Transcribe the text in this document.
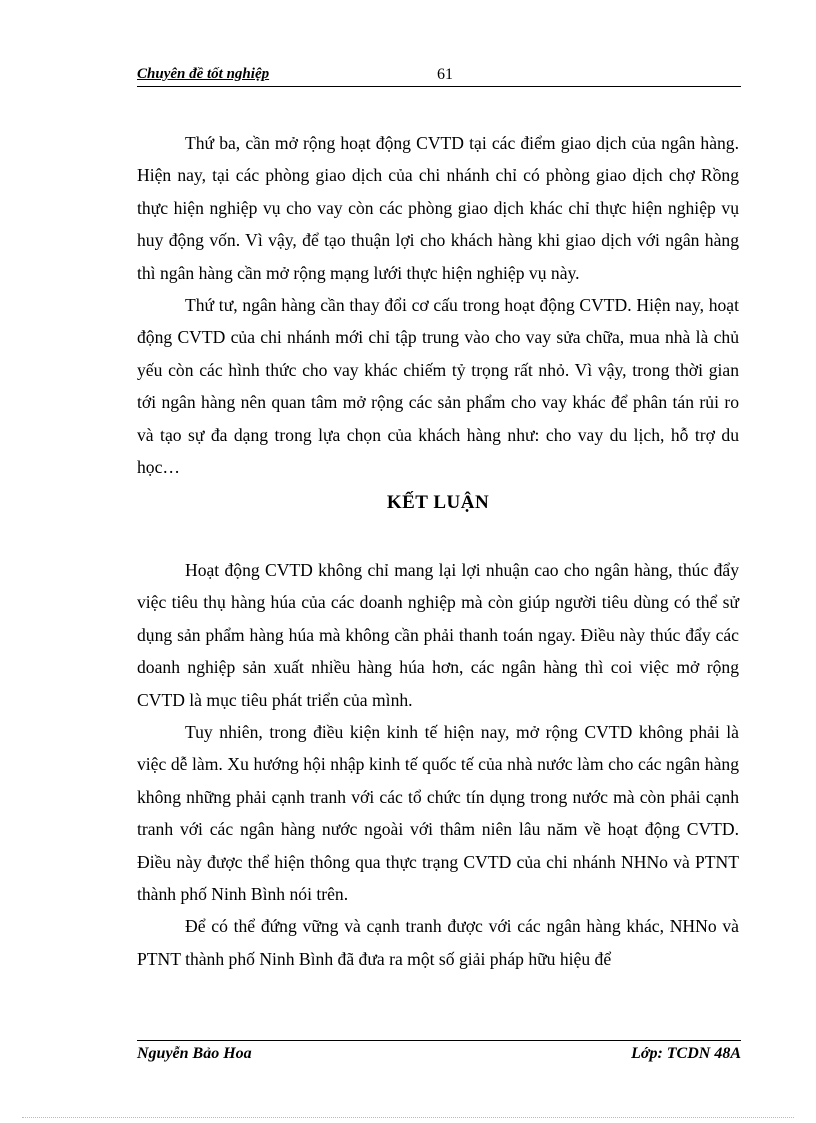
Chuyên đề tốt nghiệp	61

Thứ ba, cần mở rộng hoạt động CVTD tại các điểm giao dịch của ngân hàng. Hiện nay, tại các phòng giao dịch của chi nhánh chỉ có phòng giao dịch chợ Rồng thực hiện nghiệp vụ cho vay còn các phòng giao dịch khác chỉ thực hiện nghiệp vụ huy động vốn. Vì vậy, để tạo thuận lợi cho khách hàng khi giao dịch với ngân hàng thì ngân hàng cần mở rộng mạng lưới thực hiện nghiệp vụ này.

Thứ tư, ngân hàng cần thay đổi cơ cấu trong hoạt động CVTD. Hiện nay, hoạt động CVTD của chi nhánh mới chỉ tập trung vào cho vay sửa chữa, mua nhà là chủ yếu còn các hình thức cho vay khác chiếm tỷ trọng rất nhỏ. Vì vậy, trong thời gian tới ngân hàng nên quan tâm mở rộng các sản phẩm cho vay khác để phân tán rủi ro và tạo sự đa dạng trong lựa chọn của khách hàng như: cho vay du lịch, hỗ trợ du học…

KẾT LUẬN

Hoạt động CVTD không chỉ mang lại lợi nhuận cao cho ngân hàng, thúc đẩy việc tiêu thụ hàng húa của các doanh nghiệp mà còn giúp người tiêu dùng có thể sử dụng sản phẩm hàng húa mà không cần phải thanh toán ngay. Điều này thúc đẩy các doanh nghiệp sản xuất nhiều hàng húa hơn, các ngân hàng thì coi việc mở rộng CVTD là mục tiêu phát triển của mình.

Tuy nhiên, trong điều kiện kinh tế hiện nay, mở rộng CVTD không phải là việc dễ làm. Xu hướng hội nhập kinh tế quốc tế của nhà nước làm cho các ngân hàng không những phải cạnh tranh với các tổ chức tín dụng trong nước mà còn phải cạnh tranh với các ngân hàng nước ngoài với thâm niên lâu năm về hoạt động CVTD. Điều này được thể hiện thông qua thực trạng CVTD của chi nhánh NHNo và PTNT thành phố Ninh Bình nói trên.

Để có thể đứng vững và cạnh tranh được với các ngân hàng khác, NHNo và PTNT thành phố Ninh Bình đã đưa ra một số giải pháp hữu hiệu để

Nguyễn Bảo Hoa	Lớp: TCDN 48A
